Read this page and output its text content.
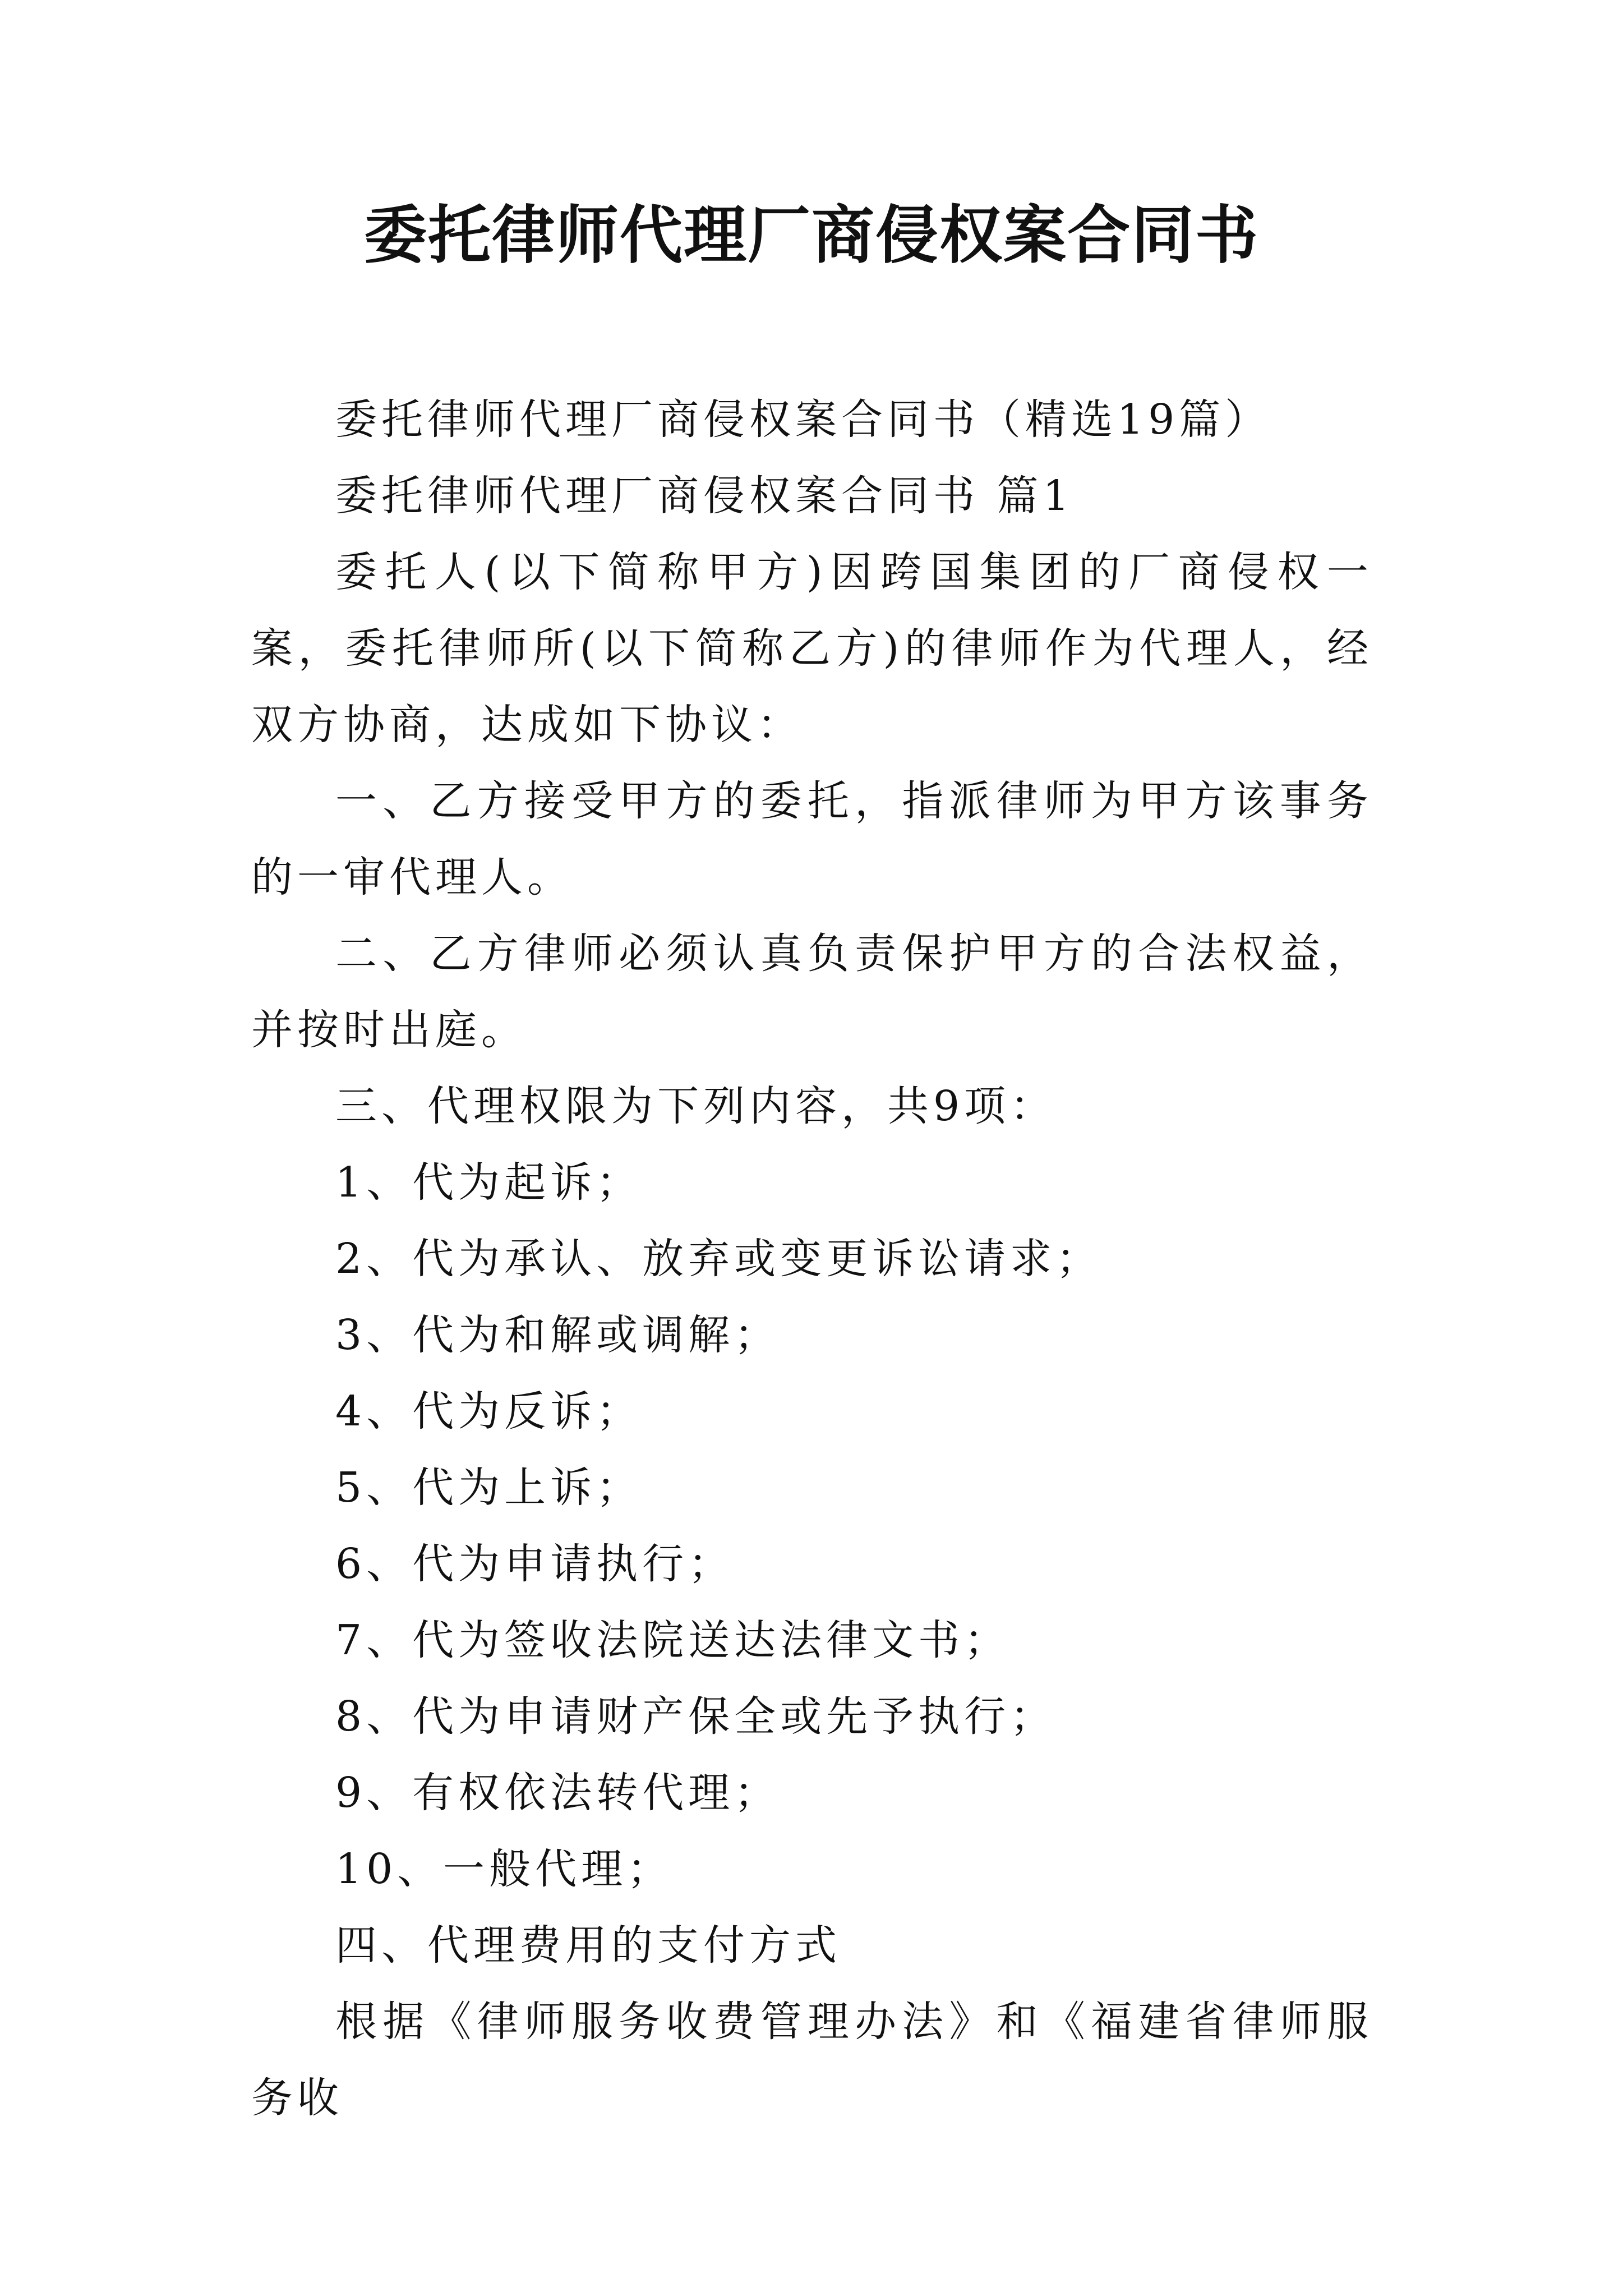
委托律师代理厂商侵权案合同书

委托律师代理厂商侵权案合同书（精选19篇）

委托律师代理厂商侵权案合同书 篇1

委托人(以下简称甲方)因跨国集团的厂商侵权一案，委托律师所(以下简称乙方)的律师作为代理人，经双方协商，达成如下协议：

一、乙方接受甲方的委托，指派律师为甲方该事务的一审代理人。

二、乙方律师必须认真负责保护甲方的合法权益，并按时出庭。

三、代理权限为下列内容，共9项：

1、代为起诉；

2、代为承认、放弃或变更诉讼请求；

3、代为和解或调解；

4、代为反诉；

5、代为上诉；

6、代为申请执行；

7、代为签收法院送达法律文书；

8、代为申请财产保全或先予执行；

9、有权依法转代理；

10、一般代理；

四、代理费用的支付方式

根据《律师服务收费管理办法》和《福建省律师服务收
